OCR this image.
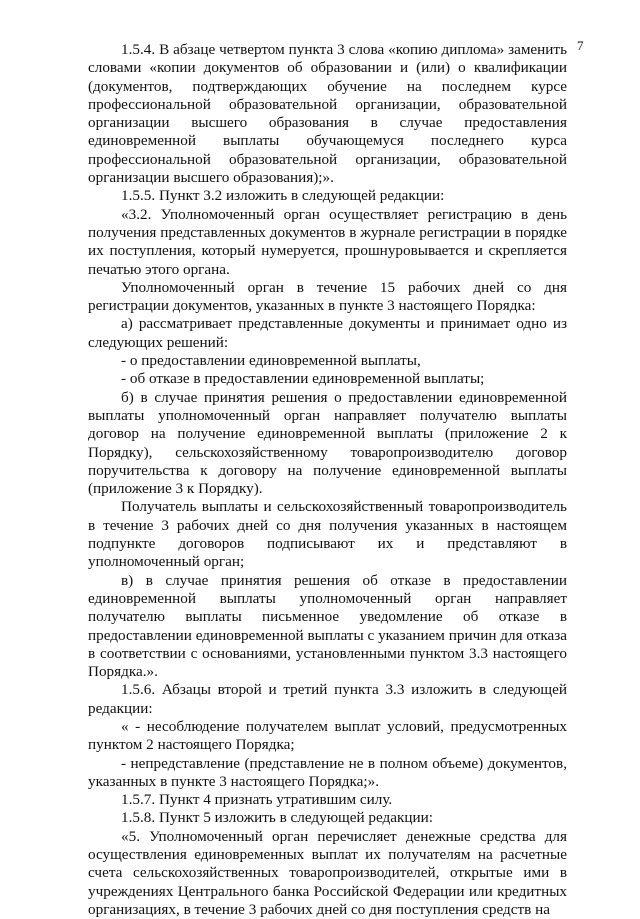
7

1.5.4. В абзаце четвертом пункта 3 слова «копию диплома» заменить словами «копии документов об образовании и (или) о квалификации (документов, подтверждающих обучение на последнем курсе профессиональной образовательной организации, образовательной организации высшего образования в случае предоставления единовременной выплаты обучающемуся последнего курса профессиональной образовательной организации, образовательной организации высшего образования);».

1.5.5. Пункт 3.2 изложить в следующей редакции:

«3.2. Уполномоченный орган осуществляет регистрацию в день получения представленных документов в журнале регистрации в порядке их поступления, который нумеруется, прошнуровывается и скрепляется печатью этого органа.

Уполномоченный орган в течение 15 рабочих дней со дня регистрации документов, указанных в пункте 3 настоящего Порядка:

а) рассматривает представленные документы и принимает одно из следующих решений:

- о предоставлении единовременной выплаты,

- об отказе в предоставлении единовременной выплаты;

б) в случае принятия решения о предоставлении единовременной выплаты уполномоченный орган направляет получателю выплаты договор на получение единовременной выплаты (приложение 2 к Порядку), сельскохозяйственному товаропроизводителю договор поручительства к договору на получение единовременной выплаты (приложение 3 к Порядку).

Получатель выплаты и сельскохозяйственный товаропроизводитель в течение 3 рабочих дней со дня получения указанных в настоящем подпункте договоров подписывают их и представляют в уполномоченный орган;

в) в случае принятия решения об отказе в предоставлении единовременной выплаты уполномоченный орган направляет получателю выплаты письменное уведомление об отказе в предоставлении единовременной выплаты с указанием причин для отказа в соответствии с основаниями, установленными пунктом 3.3 настоящего Порядка.».

1.5.6. Абзацы второй и третий пункта 3.3 изложить в следующей редакции:

« - несоблюдение получателем выплат условий, предусмотренных пунктом 2 настоящего Порядка;

- непредставление (представление не в полном объеме) документов, указанных в пункте 3 настоящего Порядка;».

1.5.7. Пункт 4 признать утратившим силу.

1.5.8. Пункт 5 изложить в следующей редакции:

«5. Уполномоченный орган перечисляет денежные средства для осуществления единовременных выплат их получателям на расчетные счета сельскохозяйственных товаропроизводителей, открытые ими в учреждениях Центрального банка Российской Федерации или кредитных организациях, в течение 3 рабочих дней со дня поступления средств на
